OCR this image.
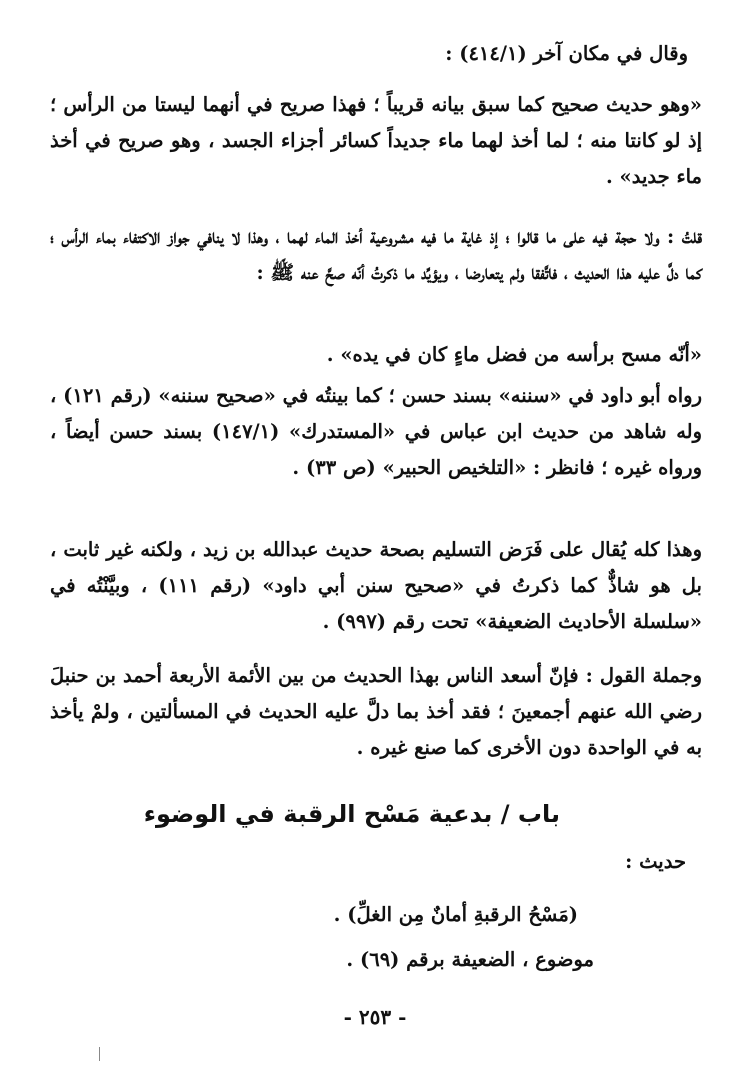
وقال في مكان آخر (٤١٤/١) :
«وهو حديث صحيح كما سبق بيانه قريباً ؛ فهذا صريح في أنهما ليستا من الرأس ؛ إذ لو كانتا منه ؛ لما أخذ لهما ماء جديداً كسائر أجزاء الجسد ، وهو صريح في أخذ ماء جديد» .
قلتُ : ولا حجة فيه على ما قالوا ؛ إذ غاية ما فيه مشروعية أخذ الماء لهما ، وهذا لا ينافي جواز الاكتفاء بماء الرأس ؛ كما دلَّ عليه هذا الحديث ، فاتَّفقا ولم يتعارضا ، ويؤيِّد ما ذكرتُ أنّه صحَّ عنه ﷺ :
«أنّه مسح برأسه من فضل ماءٍ كان في يده» .
رواه أبو داود في «سننه» بسند حسن ؛ كما بينتُه في «صحيح سننه» (رقم ١٢١) ، وله شاهد من حديث ابن عباس في «المستدرك» (١٤٧/١) بسند حسن أيضاً ، ورواه غيره ؛ فانظر : «التلخيص الحبير» (ص ٣٣) .
وهذا كله يُقال على فَرَض التسليم بصحة حديث عبدالله بن زيد ، ولكنه غير ثابت ، بل هو شاذٌّ كما ذكرتُ في «صحيح سنن أبي داود» (رقم ١١١) ، وبيَّنْتُه في «سلسلة الأحاديث الضعيفة» تحت رقم (٩٩٧) .
وجملة القول : فإنّ أسعد الناس بهذا الحديث من بين الأئمة الأربعة أحمد بن حنبلَ رضي الله عنهم أجمعينَ ؛ فقد أخذ بما دلَّ عليه الحديث في المسألتين ، ولمْ يأخذ به في الواحدة دون الأخرى كما صنع غيره .
باب / بدعية مَسْح الرقبة في الوضوء
حديث :
(مَسْحُ الرقبةِ أمانٌ مِن الغلِّ) .
موضوع ، الضعيفة برقم (٦٩) .
- ٢٥٣ -
